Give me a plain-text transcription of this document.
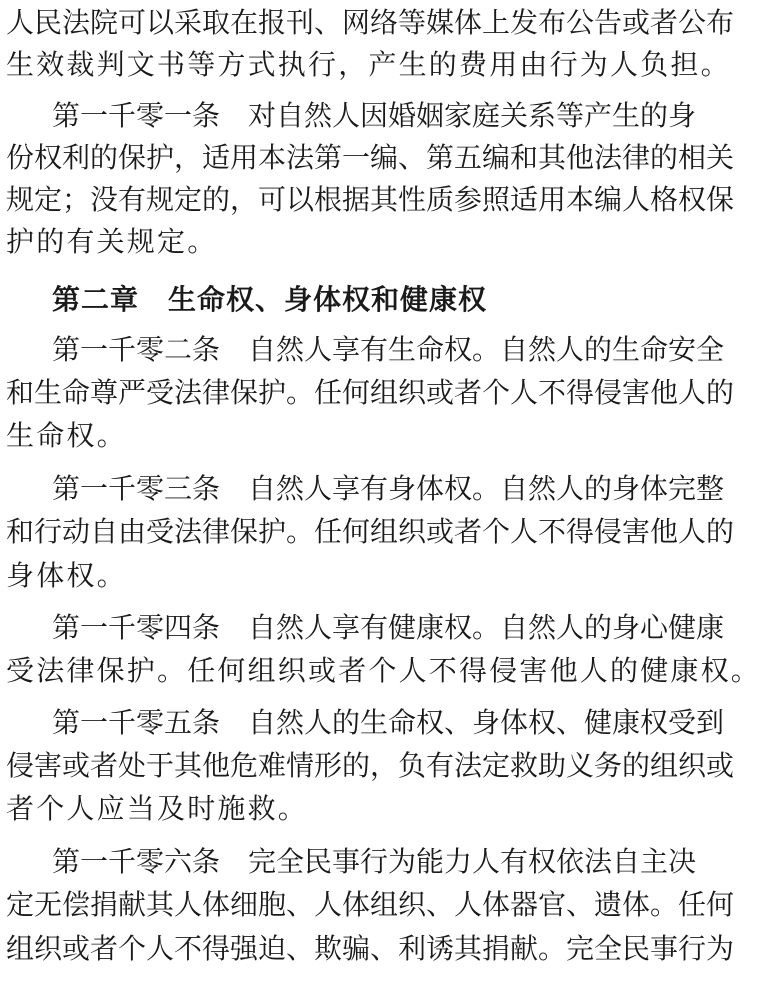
人民法院可以采取在报刊、网络等媒体上发布公告或者公布
生效裁判文书等方式执行，产生的费用由行为人负担。
第一千零一条　对自然人因婚姻家庭关系等产生的身
份权利的保护，适用本法第一编、第五编和其他法律的相关
规定；没有规定的，可以根据其性质参照适用本编人格权保
护的有关规定。
第二章　生命权、身体权和健康权
第一千零二条　自然人享有生命权。自然人的生命安全
和生命尊严受法律保护。任何组织或者个人不得侵害他人的
生命权。
第一千零三条　自然人享有身体权。自然人的身体完整
和行动自由受法律保护。任何组织或者个人不得侵害他人的
身体权。
第一千零四条　自然人享有健康权。自然人的身心健康
受法律保护。任何组织或者个人不得侵害他人的健康权。
第一千零五条　自然人的生命权、身体权、健康权受到
侵害或者处于其他危难情形的，负有法定救助义务的组织或
者个人应当及时施救。
第一千零六条　完全民事行为能力人有权依法自主决
定无偿捐献其人体细胞、人体组织、人体器官、遗体。任何
组织或者个人不得强迫、欺骗、利诱其捐献。完全民事行为
